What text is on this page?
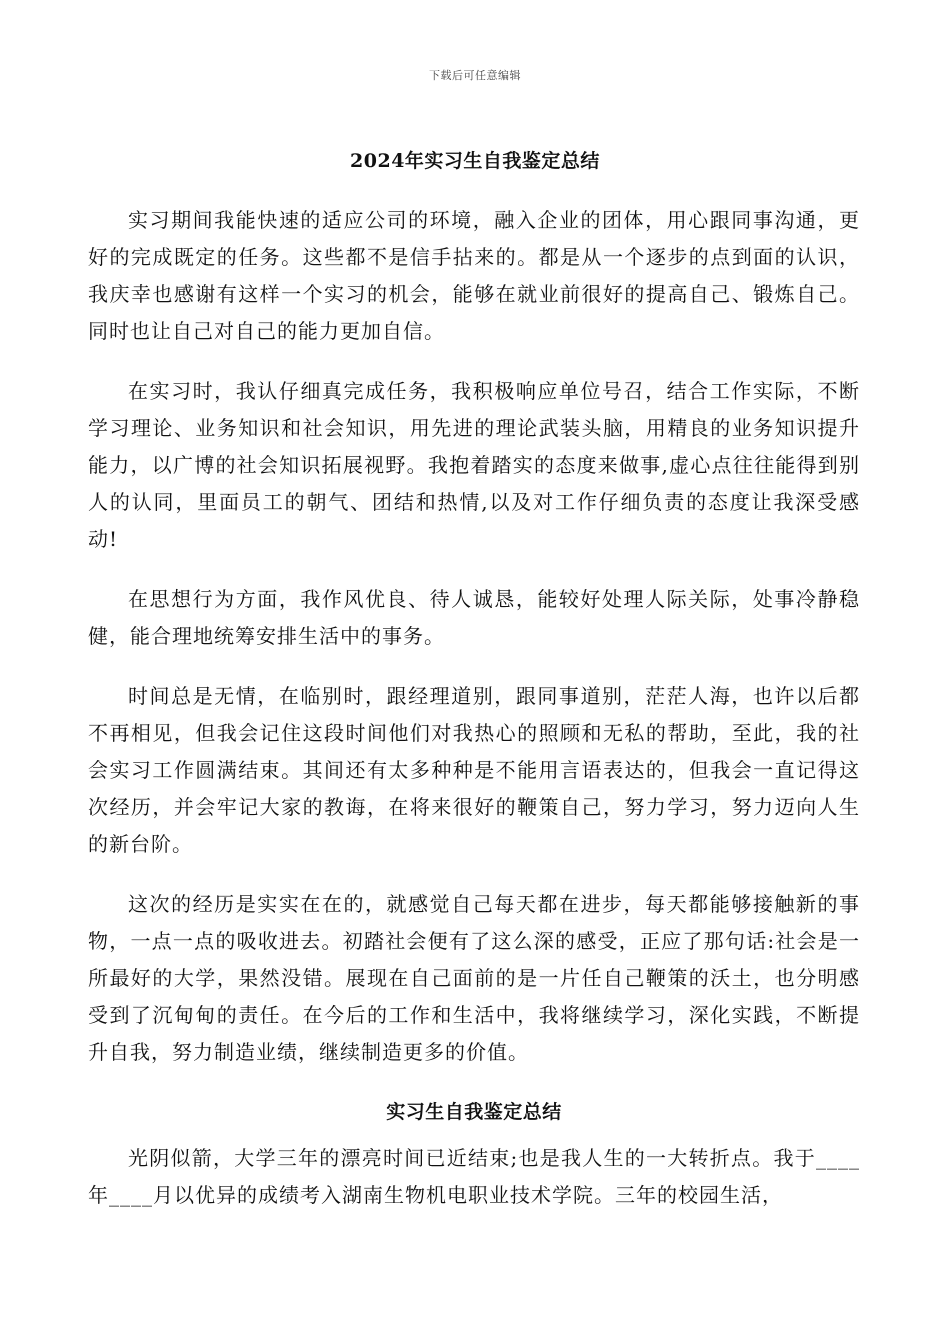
下载后可任意编辑
2024年实习生自我鉴定总结

实习期间我能快速的适应公司的环境，融入企业的团体，用心跟同事沟通，更好的完成既定的任务。这些都不是信手拈来的。都是从一个逐步的点到面的认识，我庆幸也感谢有这样一个实习的机会，能够在就业前很好的提高自己、锻炼自己。同时也让自己对自己的能力更加自信。

在实习时，我认仔细真完成任务，我积极响应单位号召，结合工作实际，不断学习理论、业务知识和社会知识，用先进的理论武装头脑，用精良的业务知识提升能力，以广博的社会知识拓展视野。我抱着踏实的态度来做事,虚心点往往能得到别人的认同，里面员工的朝气、团结和热情,以及对工作仔细负责的态度让我深受感动!

在思想行为方面，我作风优良、待人诚恳，能较好处理人际关际，处事冷静稳健，能合理地统筹安排生活中的事务。

时间总是无情，在临别时，跟经理道别，跟同事道别，茫茫人海，也许以后都不再相见，但我会记住这段时间他们对我热心的照顾和无私的帮助，至此，我的社会实习工作圆满结束。其间还有太多种种是不能用言语表达的，但我会一直记得这次经历，并会牢记大家的教诲，在将来很好的鞭策自己，努力学习，努力迈向人生的新台阶。

这次的经历是实实在在的，就感觉自己每天都在进步，每天都能够接触新的事物，一点一点的吸收进去。初踏社会便有了这么深的感受，正应了那句话:社会是一所最好的大学，果然没错。展现在自己面前的是一片任自己鞭策的沃土，也分明感受到了沉甸甸的责任。在今后的工作和生活中，我将继续学习，深化实践，不断提升自我，努力制造业绩，继续制造更多的价值。

实习生自我鉴定总结

光阴似箭，大学三年的漂亮时间已近结束;也是我人生的一大转折点。我于____年____月以优异的成绩考入湖南生物机电职业技术学院。三年的校园生活，
